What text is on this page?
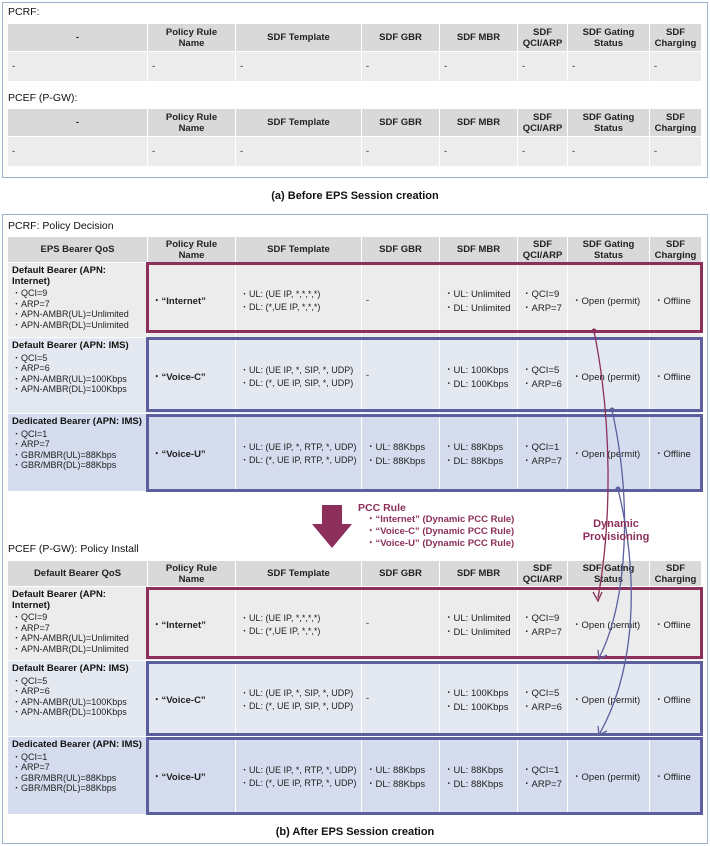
PCRF:
-	Policy Rule Name	SDF Template	SDF GBR	SDF MBR	SDF QCI/ARP	SDF Gating Status	SDF Charging
-	-	-	-	-	-	-	-
PCEF (P-GW):
-	Policy Rule Name	SDF Template	SDF GBR	SDF MBR	SDF QCI/ARP	SDF Gating Status	SDF Charging
-	-	-	-	-	-	-	-
(a) Before EPS Session creation
PCRF: Policy Decision
EPS Bearer QoS	Policy Rule Name	SDF Template	SDF GBR	SDF MBR	SDF QCI/ARP	SDF Gating Status	SDF Charging

Default Bearer (APN: Internet)
・QCI=9
・ARP=7
・APN-AMBR(UL)=Unlimited
・APN-AMBR(DL)=Unlimited	・“Internet”	・UL: (UE IP, *,*,*,*)
・DL: (*,UE IP, *,*,*)	-	・UL: Unlimited
・DL: Unlimited	・QCI=9
・ARP=7	・Open (permit)	・Offline

Default Bearer (APN: IMS)
・QCI=5
・ARP=6
・APN-AMBR(UL)=100Kbps
・APN-AMBR(DL)=100Kbps	・“Voice-C”	・UL: (UE IP, *, SIP, *, UDP)
・DL: (*, UE IP, SIP, *, UDP)	-	・UL: 100Kbps
・DL: 100Kbps	・QCI=5
・ARP=6	・Open (permit)	・Offline

Dedicated Bearer (APN: IMS)
・QCI=1
・ARP=7
・GBR/MBR(UL)=88Kbps
・GBR/MBR(DL)=88Kbps	・“Voice-U”	・UL: (UE IP, *, RTP, *, UDP)
・DL: (*, UE IP, RTP, *, UDP)	・UL: 88Kbps
・DL: 88Kbps	・UL: 88Kbps
・DL: 88Kbps	・QCI=1
・ARP=7	・Open (permit)	・Offline
PCEF (P-GW): Policy Install
Default Bearer QoS	Policy Rule Name	SDF Template	SDF GBR	SDF MBR	SDF QCI/ARP	SDF Gating Status	SDF Charging

Default Bearer (APN: Internet)
・QCI=9
・ARP=7
・APN-AMBR(UL)=Unlimited
・APN-AMBR(DL)=Unlimited	・“Internet”	・UL: (UE IP, *,*,*,*)
・DL: (*,UE IP, *,*,*)	-	・UL: Unlimited
・DL: Unlimited	・QCI=9
・ARP=7	・Open (permit)	・Offline

Default Bearer (APN: IMS)
・QCI=5
・ARP=6
・APN-AMBR(UL)=100Kbps
・APN-AMBR(DL)=100Kbps	・“Voice-C”	・UL: (UE IP, *, SIP, *, UDP)
・DL: (*, UE IP, SIP, *, UDP)	-	・UL: 100Kbps
・DL: 100Kbps	・QCI=5
・ARP=6	・Open (permit)	・Offline

Dedicated Bearer (APN: IMS)
・QCI=1
・ARP=7
・GBR/MBR(UL)=88Kbps
・GBR/MBR(DL)=88Kbps	・“Voice-U”	・UL: (UE IP, *, RTP, *, UDP)
・DL: (*, UE IP, RTP, *, UDP)	・UL: 88Kbps
・DL: 88Kbps	・UL: 88Kbps
・DL: 88Kbps	・QCI=1
・ARP=7	・Open (permit)	・Offline
PCC Rule
・“Internet” (Dynamic PCC Rule)
・“Voice-C” (Dynamic PCC Rule)
・“Voice-U” (Dynamic PCC Rule)
Dynamic Provisioning
(b) After EPS Session creation
